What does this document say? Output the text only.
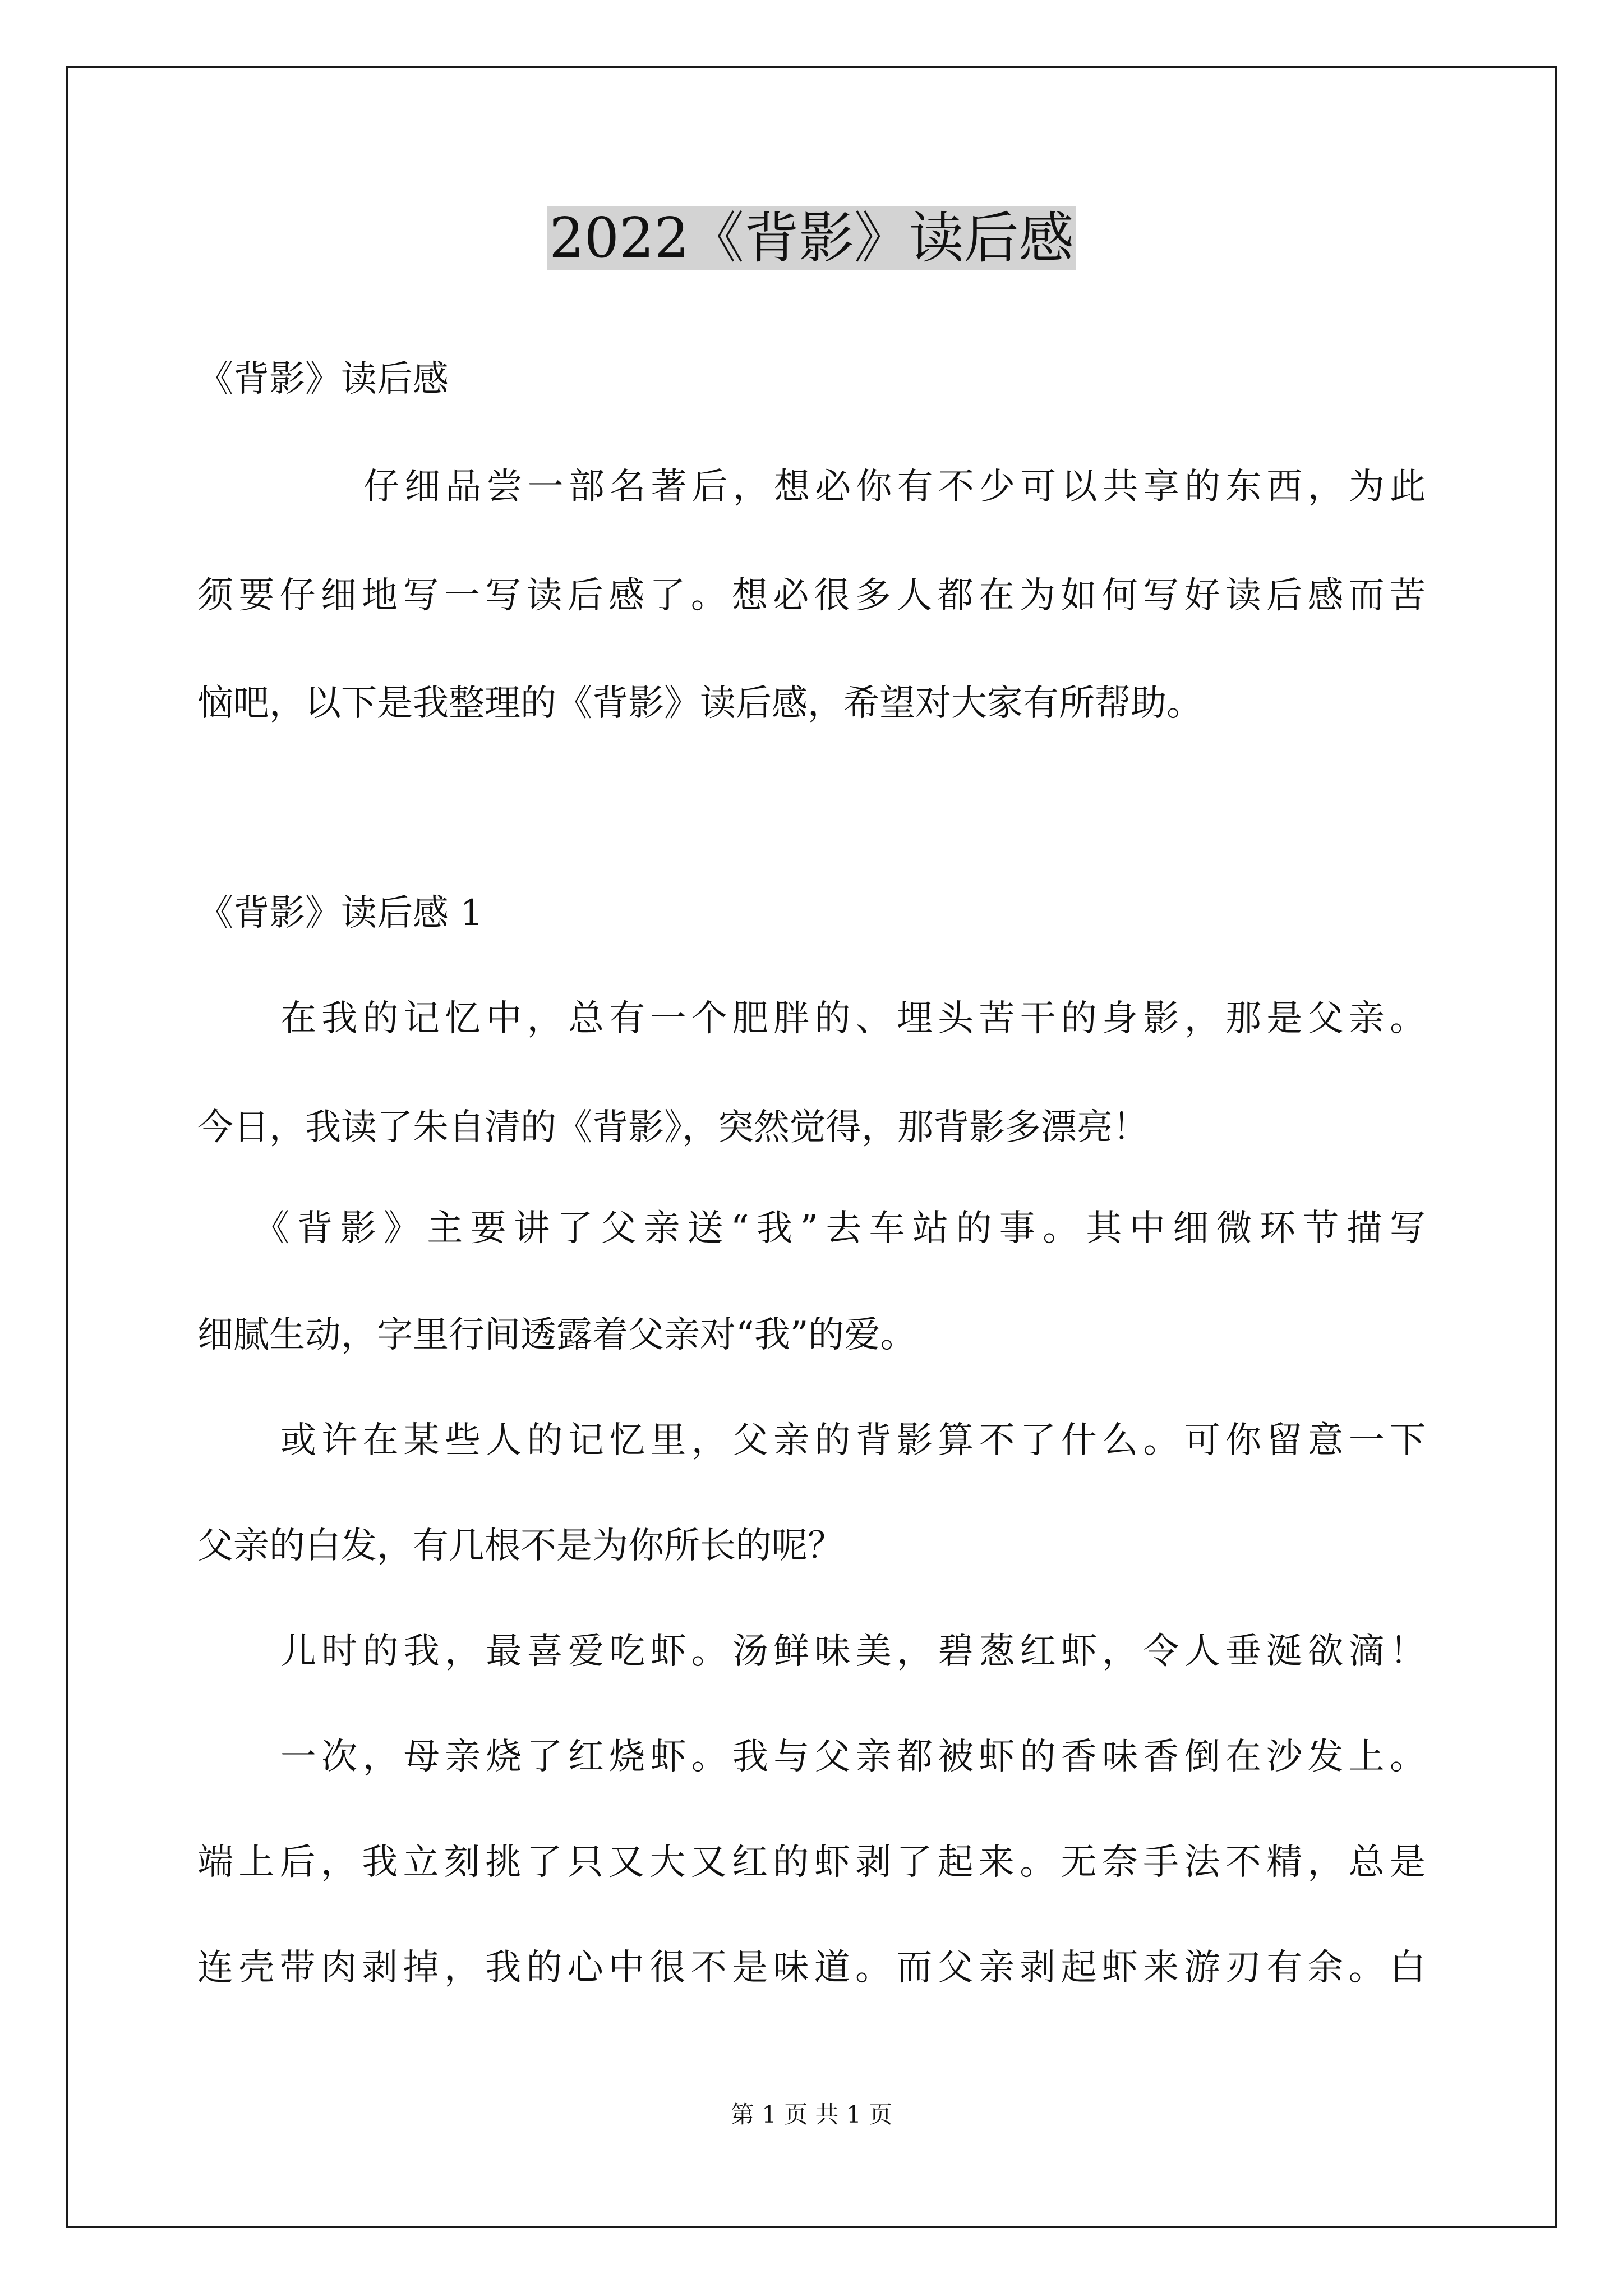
2022《背影》读后感
《背影》读后感
仔细品尝一部名著后，想必你有不少可以共享的东西，为此
须要仔细地写一写读后感了。想必很多人都在为如何写好读后感而苦
恼吧，以下是我整理的《背影》读后感，希望对大家有所帮助。
《背影》读后感 1
在我的记忆中，总有一个肥胖的、埋头苦干的身影，那是父亲。
今日，我读了朱自清的《背影》，突然觉得，那背影多漂亮！
《背影》主要讲了父亲送“我”去车站的事。其中细微环节描写
细腻生动，字里行间透露着父亲对“我”的爱。
或许在某些人的记忆里，父亲的背影算不了什么。可你留意一下
父亲的白发，有几根不是为你所长的呢？
儿时的我，最喜爱吃虾。汤鲜味美，碧葱红虾，令人垂涎欲滴！
一次，母亲烧了红烧虾。我与父亲都被虾的香味香倒在沙发上。
端上后，我立刻挑了只又大又红的虾剥了起来。无奈手法不精，总是
连壳带肉剥掉，我的心中很不是味道。而父亲剥起虾来游刃有余。白
第 1 页 共 1 页
